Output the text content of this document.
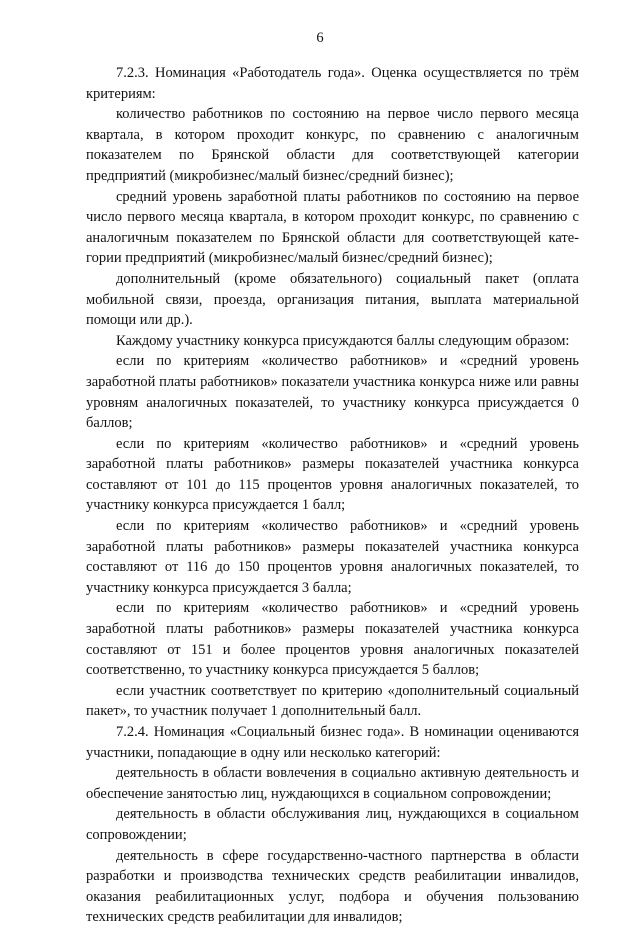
6

7.2.3. Номинация «Работодатель года». Оценка осуществляется по трём критериям:

количество работников по состоянию на первое число первого месяца квартала, в котором проходит конкурс, по сравнению с аналогичным показателем по Брянской области для соответствующей категории предприятий (микробизнес/малый бизнес/средний бизнес);

средний уровень заработной платы работников по состоянию на первое число первого месяца квартала, в котором проходит конкурс, по сравнению с аналогичным показателем по Брянской области для соответствующей категории предприятий (микробизнес/малый бизнес/средний бизнес);

дополнительный (кроме обязательного) социальный пакет (оплата мобильной связи, проезда, организация питания, выплата материальной помощи или др.).

Каждому участнику конкурса присуждаются баллы следующим образом:

если по критериям «количество работников» и «средний уровень заработной платы работников» показатели участника конкурса ниже или равны уровням аналогичных показателей, то участнику конкурса присуждается 0 баллов;

если по критериям «количество работников» и «средний уровень заработной платы работников» размеры показателей участника конкурса составляют от 101 до 115 процентов уровня аналогичных показателей, то участнику конкурса присуждается 1 балл;

если по критериям «количество работников» и «средний уровень заработной платы работников» размеры показателей участника конкурса составляют от 116 до 150 процентов уровня аналогичных показателей, то участнику конкурса присуждается 3 балла;

если по критериям «количество работников» и «средний уровень заработной платы работников» размеры показателей участника конкурса составляют от 151 и более процентов уровня аналогичных показателей соответственно, то участнику конкурса присуждается 5 баллов;

если участник соответствует по критерию «дополнительный социальный пакет», то участник получает 1 дополнительный балл.

7.2.4. Номинация «Социальный бизнес года». В номинации оцениваются участники, попадающие в одну или несколько категорий:

деятельность в области вовлечения в социально активную деятельность и обеспечение занятостью лиц, нуждающихся в социальном сопровождении;

деятельность в области обслуживания лиц, нуждающихся в социальном сопровождении;

деятельность в сфере государственно-частного партнерства в области разработки и производства технических средств реабилитации инвалидов, оказания реабилитационных услуг, подбора и обучения пользованию технических средств реабилитации для инвалидов;
